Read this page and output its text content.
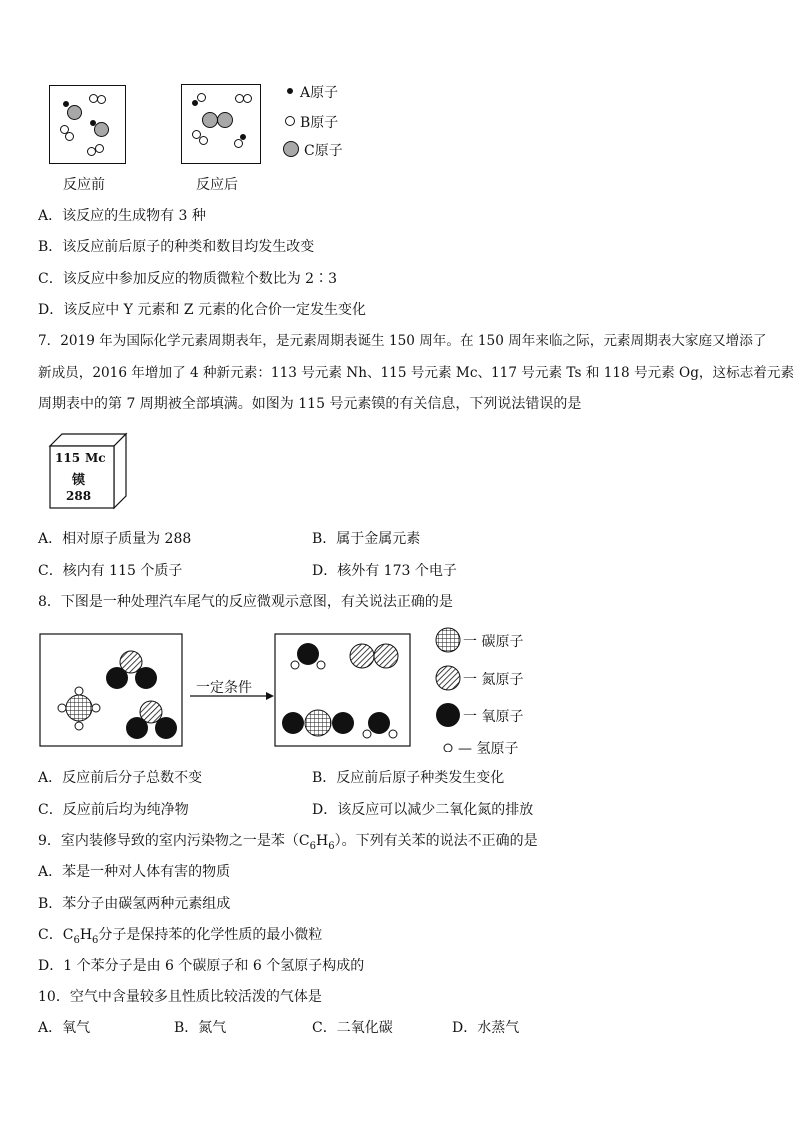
反应前	反应后
A原子
B原子
C原子
A．该反应的生成物有 3 种
B．该反应前后原子的种类和数目均发生改变
C．该反应中参加反应的物质微粒个数比为 2∶3
D．该反应中 Y 元素和 Z 元素的化合价一定发生变化
7．2019 年为国际化学元素周期表年，是元素周期表诞生 150 周年。在 150 周年来临之际，元素周期表大家庭又增添了
新成员，2016 年增加了 4 种新元素：113 号元素 Nh、115 号元素 Mc、117 号元素 Ts 和 118 号元素 Og，这标志着元素
周期表中的第 7 周期被全部填满。如图为 115 号元素镆的有关信息，下列说法错误的是
115 Mc
镆
288
A．相对原子质量为 288	B．属于金属元素
C．核内有 115 个质子	D．核外有 173 个电子
8．下图是一种处理汽车尾气的反应微观示意图，有关说法正确的是
一定条件
一 碳原子
一 氮原子
一 氧原子
— 氢原子
A．反应前后分子总数不变	B．反应前后原子种类发生变化
C．反应前后均为纯净物	D．该反应可以减少二氧化氮的排放
9．室内装修导致的室内污染物之一是苯$(C_6H_6)$。下列有关苯的说法不正确的是
A．苯是一种对人体有害的物质
B．苯分子由碳氢两种元素组成
C．$C_6H_6$分子是保持苯的化学性质的最小微粒
D．1 个苯分子是由 6 个碳原子和 6 个氢原子构成的
10．空气中含量较多且性质比较活泼的气体是
A．氧气	B．氮气	C．二氧化碳	D．水蒸气
